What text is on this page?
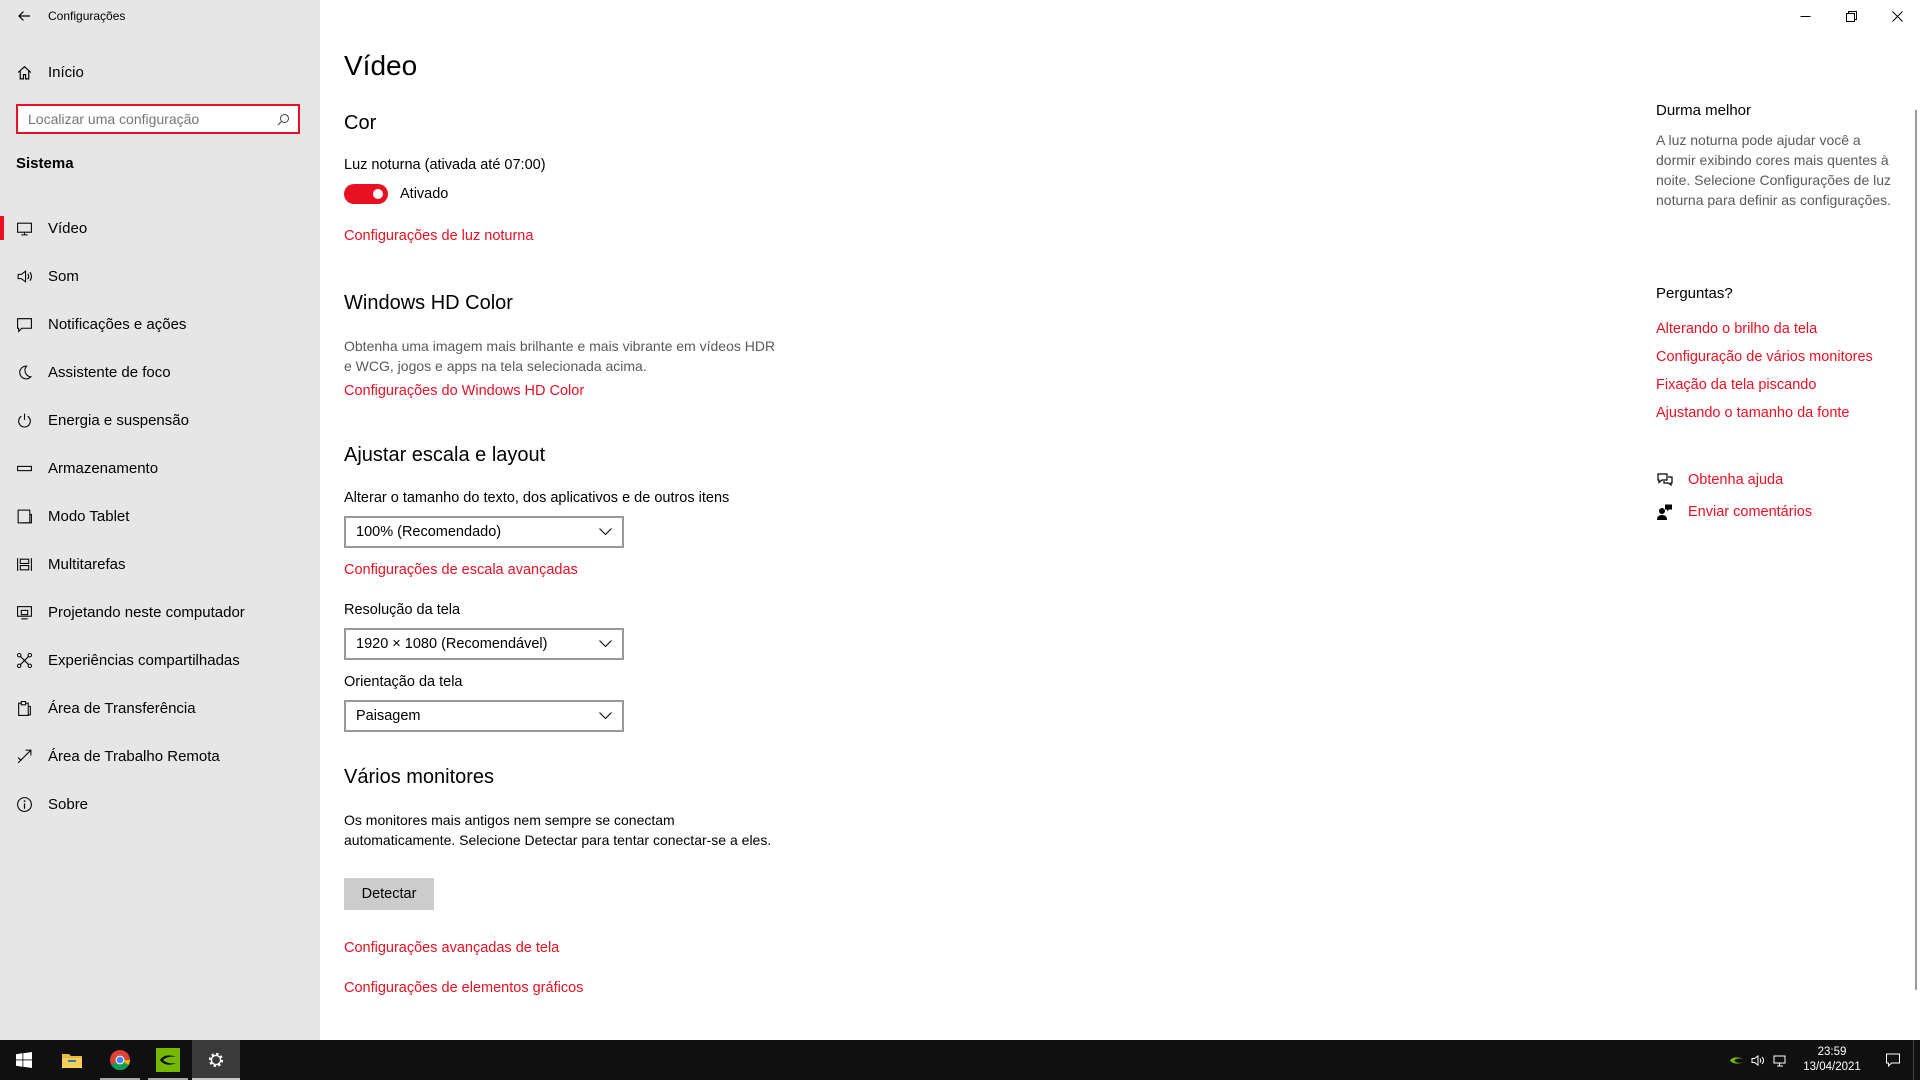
Configurações
Início
Localizar uma configuração
Sistema
Vídeo
Som
Notificações e ações
Assistente de foco
Energia e suspensão
Armazenamento
Modo Tablet
Multitarefas
Projetando neste computador
Experiências compartilhadas
Área de Transferência
Área de Trabalho Remota
Sobre
Vídeo
Cor
Luz noturna (ativada até 07:00)
Ativado
Configurações de luz noturna
Windows HD Color
Obtenha uma imagem mais brilhante e mais vibrante em vídeos HDR e WCG, jogos e apps na tela selecionada acima.
Configurações do Windows HD Color
Ajustar escala e layout
Alterar o tamanho do texto, dos aplicativos e de outros itens
100% (Recomendado)
Configurações de escala avançadas
Resolução da tela
1920 × 1080 (Recomendável)
Orientação da tela
Paisagem
Vários monitores
Os monitores mais antigos nem sempre se conectam automaticamente. Selecione Detectar para tentar conectar-se a eles.
Detectar
Configurações avançadas de tela
Configurações de elementos gráficos
Durma melhor
A luz noturna pode ajudar você a dormir exibindo cores mais quentes à noite. Selecione Configurações de luz noturna para definir as configurações.
Perguntas?
Alterando o brilho da tela
Configuração de vários monitores
Fixação da tela piscando
Ajustando o tamanho da fonte
Obtenha ajuda
Enviar comentários
23:59
13/04/2021
